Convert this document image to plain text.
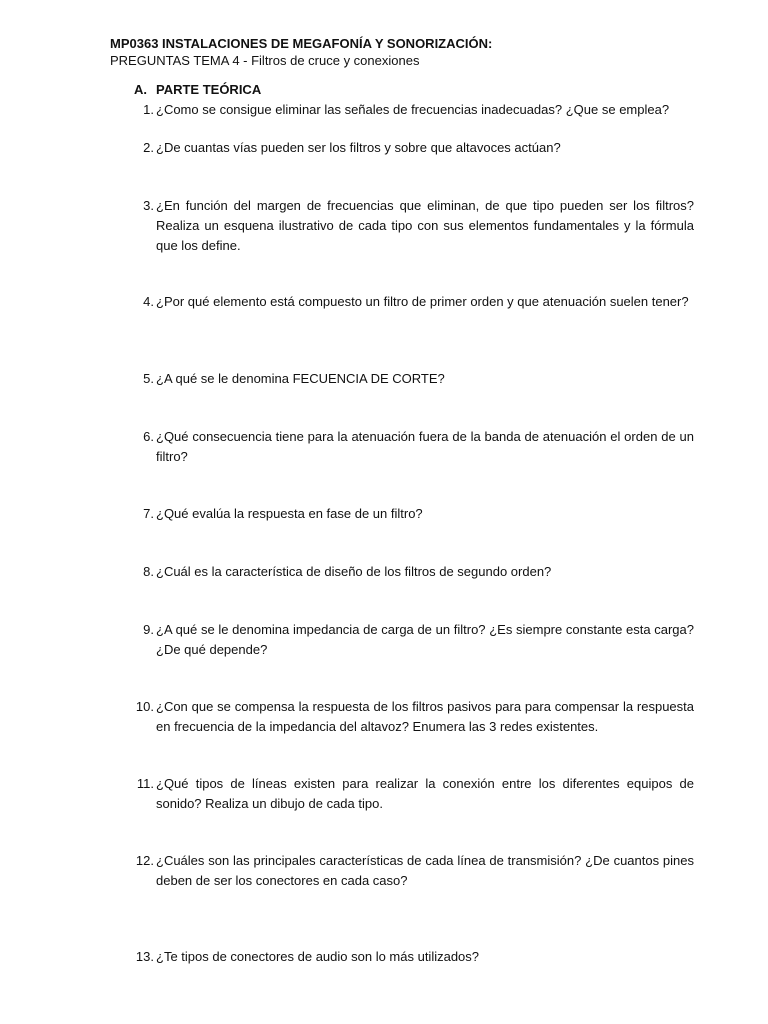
MP0363 INSTALACIONES DE MEGAFONÍA Y SONORIZACIÓN:
PREGUNTAS TEMA 4 - Filtros de cruce y conexiones
A. PARTE TEÓRICA
1. ¿Como se consigue eliminar las señales de frecuencias inadecuadas? ¿Que se emplea?
2. ¿De cuantas vías pueden ser los filtros y sobre que altavoces actúan?
3. ¿En función del margen de frecuencias que eliminan, de que tipo pueden ser los filtros? Realiza un esquena ilustrativo de cada tipo con sus elementos fundamentales y la fórmula que los define.
4. ¿Por qué elemento está compuesto un filtro de primer orden y que atenuación suelen tener?
5. ¿A qué se le denomina FECUENCIA DE CORTE?
6. ¿Qué consecuencia tiene para la atenuación fuera de la banda de atenuación el orden de un filtro?
7. ¿Qué evalúa la respuesta en fase de un filtro?
8. ¿Cuál es la característica de diseño de los filtros de segundo orden?
9. ¿A qué se le denomina impedancia de carga de un filtro? ¿Es siempre constante esta carga? ¿De qué depende?
10. ¿Con que se compensa la respuesta de los filtros pasivos para para compensar la respuesta en frecuencia de la impedancia del altavoz? Enumera las 3 redes existentes.
11. ¿Qué tipos de líneas existen para realizar la conexión entre los diferentes equipos de sonido? Realiza un dibujo de cada tipo.
12. ¿Cuáles son las principales características de cada línea de transmisión? ¿De cuantos pines deben de ser los conectores en cada caso?
13. ¿Te tipos de conectores de audio son lo más utilizados?
